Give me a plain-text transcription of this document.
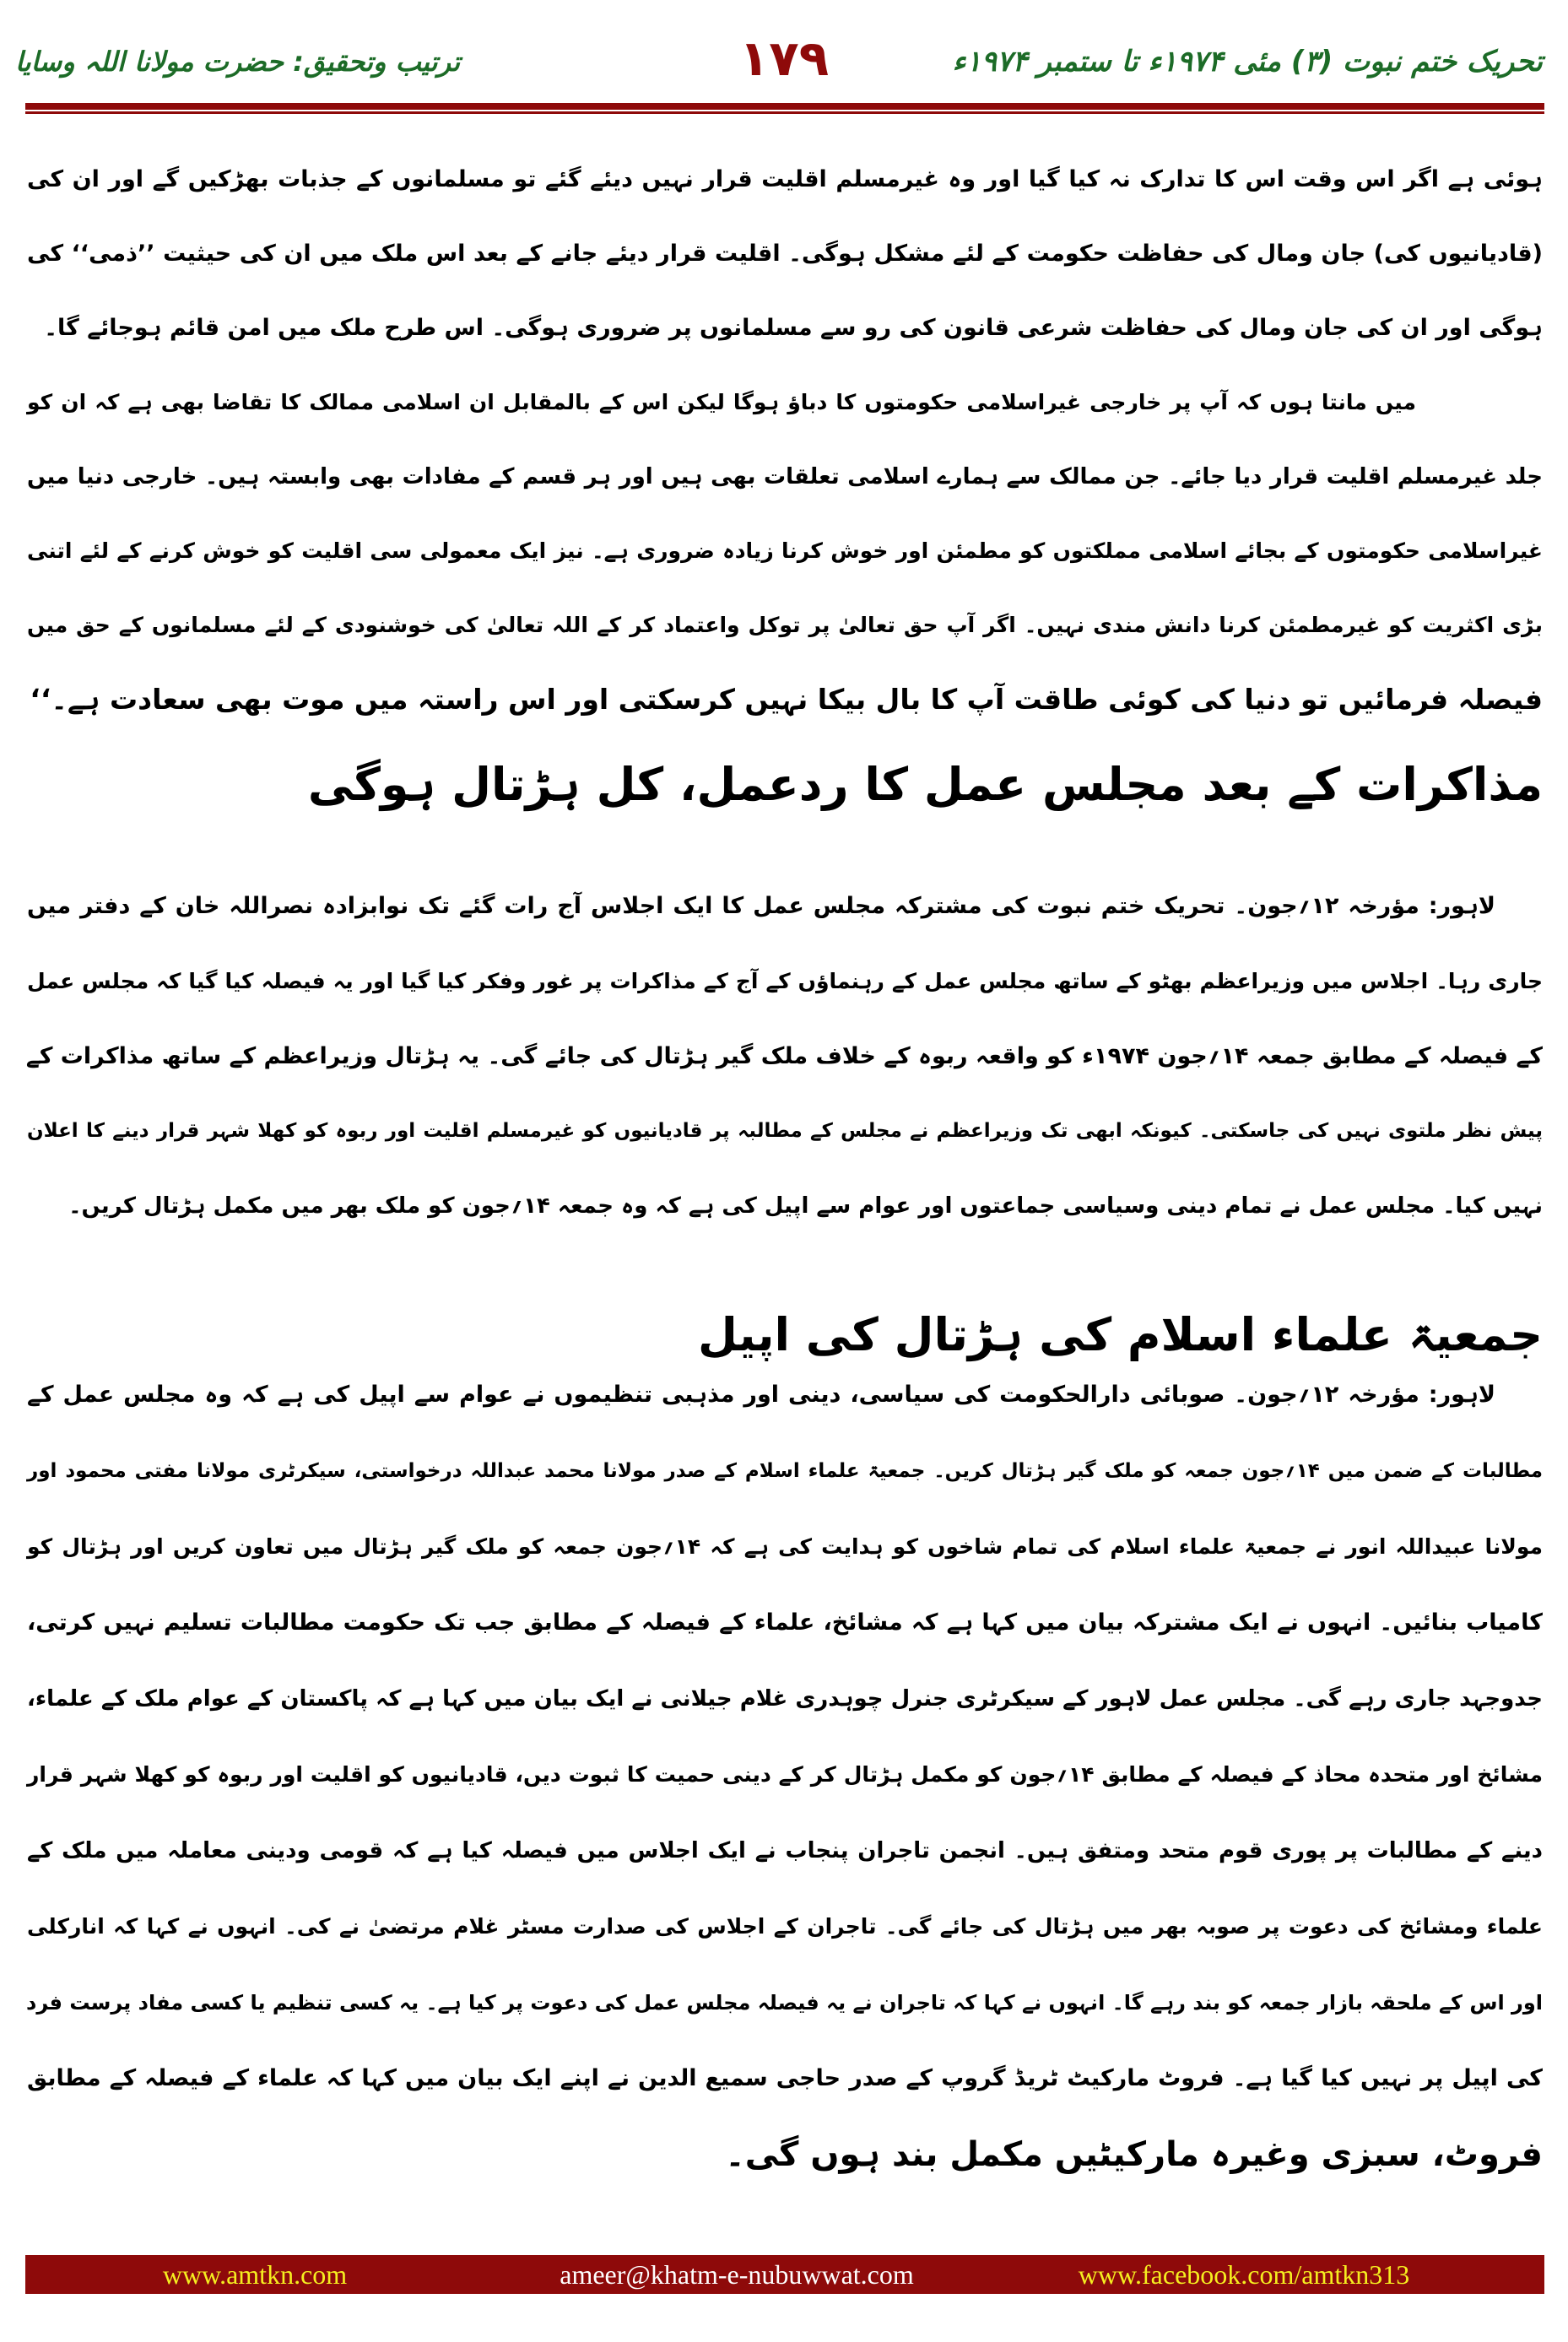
تحریک ختم نبوت (۳) مئی ۱۹۷۴ء تا ستمبر ۱۹۷۴ء
۱۷۹
ترتیب وتحقیق: حضرت مولانا اللہ وسایا
ہوئی ہے اگر اس وقت اس کا تدارک نہ کیا گیا اور وہ غیرمسلم اقلیت قرار نہیں دیئے گئے تو مسلمانوں کے جذبات بھڑکیں گے اور ان کی
(قادیانیوں کی) جان ومال کی حفاظت حکومت کے لئے مشکل ہوگی۔ اقلیت قرار دیئے جانے کے بعد اس ملک میں ان کی حیثیت ’’ذمی‘‘ کی
ہوگی اور ان کی جان ومال کی حفاظت شرعی قانون کی رو سے مسلمانوں پر ضروری ہوگی۔ اس طرح ملک میں امن قائم ہوجائے گا۔
میں مانتا ہوں کہ آپ پر خارجی غیراسلامی حکومتوں کا دباؤ ہوگا لیکن اس کے بالمقابل ان اسلامی ممالک کا تقاضا بھی ہے کہ ان کو
جلد غیرمسلم اقلیت قرار دیا جائے۔ جن ممالک سے ہمارے اسلامی تعلقات بھی ہیں اور ہر قسم کے مفادات بھی وابستہ ہیں۔ خارجی دنیا میں
غیراسلامی حکومتوں کے بجائے اسلامی مملکتوں کو مطمئن اور خوش کرنا زیادہ ضروری ہے۔ نیز ایک معمولی سی اقلیت کو خوش کرنے کے لئے اتنی
بڑی اکثریت کو غیرمطمئن کرنا دانش مندی نہیں۔ اگر آپ حق تعالیٰ پر توکل واعتماد کر کے اللہ تعالیٰ کی خوشنودی کے لئے مسلمانوں کے حق میں
فیصلہ فرمائیں تو دنیا کی کوئی طاقت آپ کا بال بیکا نہیں کرسکتی اور اس راستہ میں موت بھی سعادت ہے۔‘‘
مذاکرات کے بعد مجلس عمل کا ردعمل، کل ہڑتال ہوگی
لاہور: مؤرخہ ۱۲؍جون۔ تحریک ختم نبوت کی مشترکہ مجلس عمل کا ایک اجلاس آج رات گئے تک نوابزادہ نصراللہ خان کے دفتر میں
جاری رہا۔ اجلاس میں وزیراعظم بھٹو کے ساتھ مجلس عمل کے رہنماؤں کے آج کے مذاکرات پر غور وفکر کیا گیا اور یہ فیصلہ کیا گیا کہ مجلس عمل
کے فیصلہ کے مطابق جمعہ ۱۴؍جون ۱۹۷۴ء کو واقعہ ربوہ کے خلاف ملک گیر ہڑتال کی جائے گی۔ یہ ہڑتال وزیراعظم کے ساتھ مذاکرات کے
پیش نظر ملتوی نہیں کی جاسکتی۔ کیونکہ ابھی تک وزیراعظم نے مجلس کے مطالبہ پر قادیانیوں کو غیرمسلم اقلیت اور ربوہ کو کھلا شہر قرار دینے کا اعلان
نہیں کیا۔ مجلس عمل نے تمام دینی وسیاسی جماعتوں اور عوام سے اپیل کی ہے کہ وہ جمعہ ۱۴؍جون کو ملک بھر میں مکمل ہڑتال کریں۔
جمعیۃ علماء اسلام کی ہڑتال کی اپیل
لاہور: مؤرخہ ۱۲؍جون۔ صوبائی دارالحکومت کی سیاسی، دینی اور مذہبی تنظیموں نے عوام سے اپیل کی ہے کہ وہ مجلس عمل کے
مطالبات کے ضمن میں ۱۴؍جون جمعہ کو ملک گیر ہڑتال کریں۔ جمعیۃ علماء اسلام کے صدر مولانا محمد عبداللہ درخواستی، سیکرٹری مولانا مفتی محمود اور
مولانا عبیداللہ انور نے جمعیۃ علماء اسلام کی تمام شاخوں کو ہدایت کی ہے کہ ۱۴؍جون جمعہ کو ملک گیر ہڑتال میں تعاون کریں اور ہڑتال کو
کامیاب بنائیں۔ انہوں نے ایک مشترکہ بیان میں کہا ہے کہ مشائخ، علماء کے فیصلہ کے مطابق جب تک حکومت مطالبات تسلیم نہیں کرتی،
جدوجہد جاری رہے گی۔ مجلس عمل لاہور کے سیکرٹری جنرل چوہدری غلام جیلانی نے ایک بیان میں کہا ہے کہ پاکستان کے عوام ملک کے علماء،
مشائخ اور متحدہ محاذ کے فیصلہ کے مطابق ۱۴؍جون کو مکمل ہڑتال کر کے دینی حمیت کا ثبوت دیں، قادیانیوں کو اقلیت اور ربوہ کو کھلا شہر قرار
دینے کے مطالبات پر پوری قوم متحد ومتفق ہیں۔ انجمن تاجران پنجاب نے ایک اجلاس میں فیصلہ کیا ہے کہ قومی ودینی معاملہ میں ملک کے
علماء ومشائخ کی دعوت پر صوبہ بھر میں ہڑتال کی جائے گی۔ تاجران کے اجلاس کی صدارت مسٹر غلام مرتضیٰ نے کی۔ انہوں نے کہا کہ انارکلی
اور اس کے ملحقہ بازار جمعہ کو بند رہے گا۔ انہوں نے کہا کہ تاجران نے یہ فیصلہ مجلس عمل کی دعوت پر کیا ہے۔ یہ کسی تنظیم یا کسی مفاد پرست فرد
کی اپیل پر نہیں کیا گیا ہے۔ فروٹ مارکیٹ ٹریڈ گروپ کے صدر حاجی سمیع الدین نے اپنے ایک بیان میں کہا کہ علماء کے فیصلہ کے مطابق
فروٹ، سبزی وغیرہ مارکیٹیں مکمل بند ہوں گی۔
www.amtkn.com	ameer@khatm-e-nubuwwat.com	www.facebook.com/amtkn313
